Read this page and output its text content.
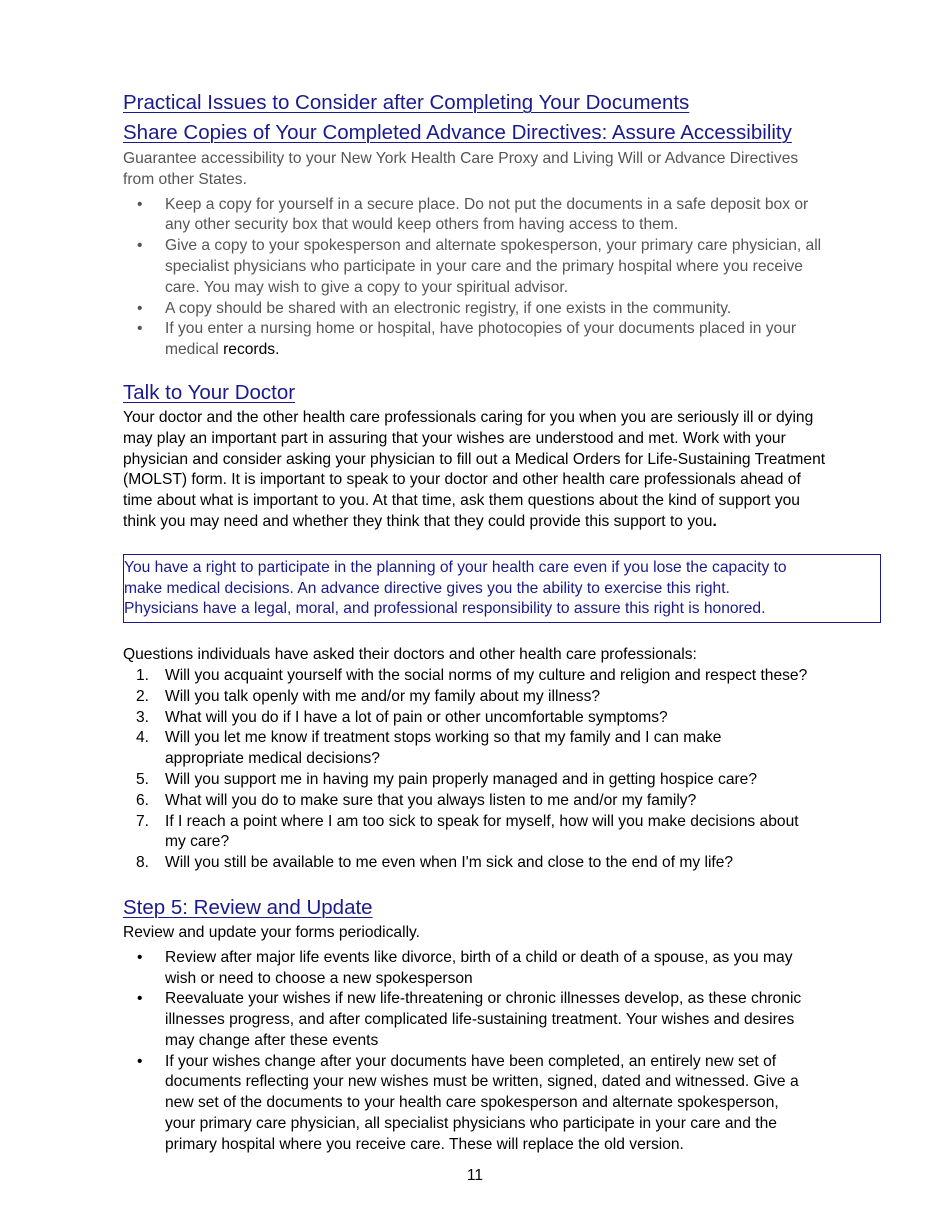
Practical Issues to Consider after Completing Your Documents
Share Copies of Your Completed Advance Directives: Assure Accessibility
Guarantee accessibility to your New York Health Care Proxy and Living Will or Advance Directives
from other States.
• Keep a copy for yourself in a secure place. Do not put the documents in a safe deposit box or
any other security box that would keep others from having access to them.
• Give a copy to your spokesperson and alternate spokesperson, your primary care physician, all
specialist physicians who participate in your care and the primary hospital where you receive
care. You may wish to give a copy to your spiritual advisor.
• A copy should be shared with an electronic registry, if one exists in the community.
• If you enter a nursing home or hospital, have photocopies of your documents placed in your
medical records.
Talk to Your Doctor
Your doctor and the other health care professionals caring for you when you are seriously ill or dying
may play an important part in assuring that your wishes are understood and met. Work with your
physician and consider asking your physician to fill out a Medical Orders for Life-Sustaining Treatment
(MOLST) form. It is important to speak to your doctor and other health care professionals ahead of
time about what is important to you. At that time, ask them questions about the kind of support you
think you may need and whether they think that they could provide this support to you.
You have a right to participate in the planning of your health care even if you lose the capacity to
make medical decisions. An advance directive gives you the ability to exercise this right.
Physicians have a legal, moral, and professional responsibility to assure this right is honored.
Questions individuals have asked their doctors and other health care professionals:
1. Will you acquaint yourself with the social norms of my culture and religion and respect these?
2. Will you talk openly with me and/or my family about my illness?
3. What will you do if I have a lot of pain or other uncomfortable symptoms?
4. Will you let me know if treatment stops working so that my family and I can make
appropriate medical decisions?
5. Will you support me in having my pain properly managed and in getting hospice care?
6. What will you do to make sure that you always listen to me and/or my family?
7. If I reach a point where I am too sick to speak for myself, how will you make decisions about
my care?
8. Will you still be available to me even when I'm sick and close to the end of my life?
Step 5: Review and Update
Review and update your forms periodically.
• Review after major life events like divorce, birth of a child or death of a spouse, as you may
wish or need to choose a new spokesperson
• Reevaluate your wishes if new life-threatening or chronic illnesses develop, as these chronic
illnesses progress, and after complicated life-sustaining treatment. Your wishes and desires
may change after these events
• If your wishes change after your documents have been completed, an entirely new set of
documents reflecting your new wishes must be written, signed, dated and witnessed. Give a
new set of the documents to your health care spokesperson and alternate spokesperson,
your primary care physician, all specialist physicians who participate in your care and the
primary hospital where you receive care. These will replace the old version.
11
